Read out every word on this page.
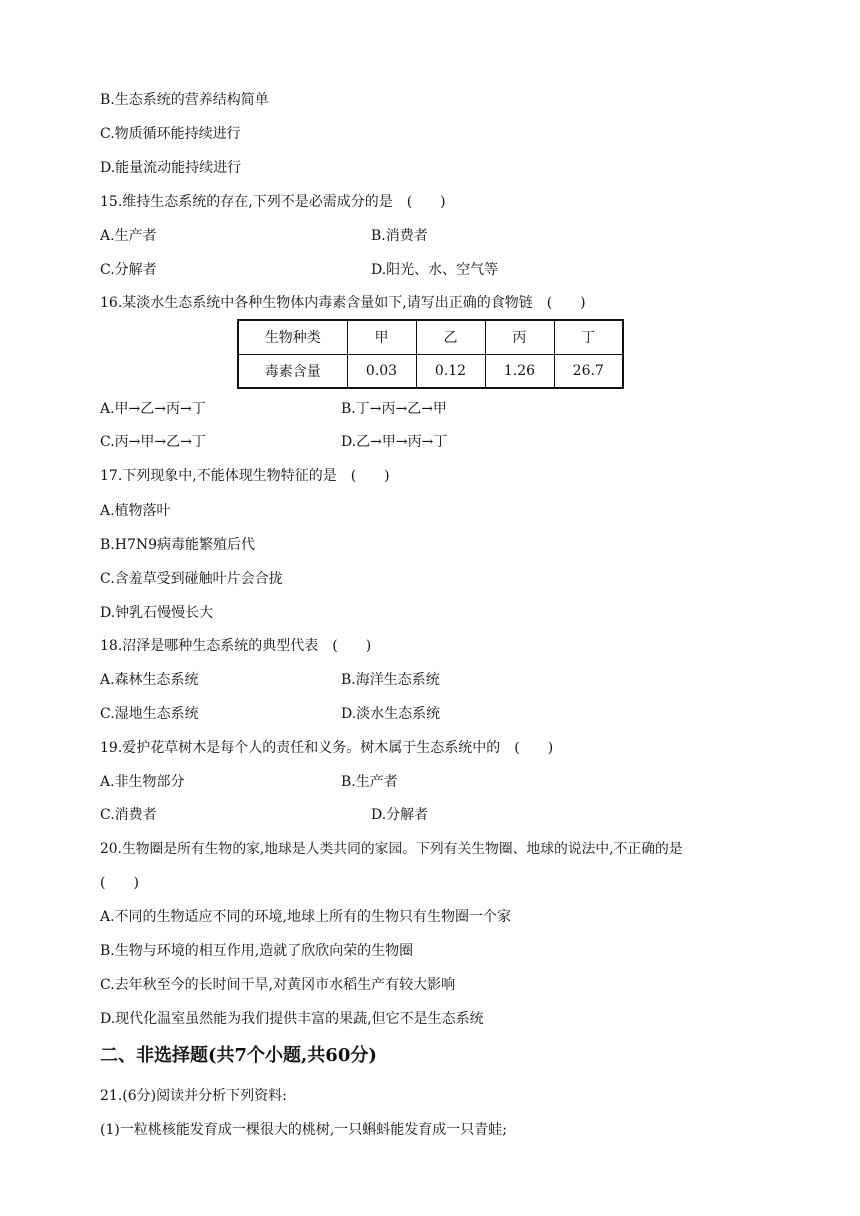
B.生态系统的营养结构简单
C.物质循环能持续进行
D.能量流动能持续进行
15.维持生态系统的存在,下列不是必需成分的是　(　　)
A.生产者	B.消费者
C.分解者	D.阳光、水、空气等
16.某淡水生态系统中各种生物体内毒素含量如下,请写出正确的食物链　(　　)
生物种类	甲	乙	丙	丁
毒素含量	0.03	0.12	1.26	26.7
A.甲→乙→丙→丁	B.丁→丙→乙→甲
C.丙→甲→乙→丁	D.乙→甲→丙→丁
17.下列现象中,不能体现生物特征的是　(　　)
A.植物落叶
B.H7N9病毒能繁殖后代
C.含羞草受到碰触叶片会合拢
D.钟乳石慢慢长大
18.沼泽是哪种生态系统的典型代表　(　　)
A.森林生态系统	B.海洋生态系统
C.湿地生态系统	D.淡水生态系统
19.爱护花草树木是每个人的责任和义务。树木属于生态系统中的　(　　)
A.非生物部分	B.生产者
C.消费者	D.分解者
20.生物圈是所有生物的家,地球是人类共同的家园。下列有关生物圈、地球的说法中,不正确的是
(　　)
A.不同的生物适应不同的环境,地球上所有的生物只有生物圈一个家
B.生物与环境的相互作用,造就了欣欣向荣的生物圈
C.去年秋至今的长时间干旱,对黄冈市水稻生产有较大影响
D.现代化温室虽然能为我们提供丰富的果蔬,但它不是生态系统
二、非选择题(共7个小题,共60分)
21.(6分)阅读并分析下列资料:
(1)一粒桃核能发育成一棵很大的桃树,一只蝌蚪能发育成一只青蛙;
